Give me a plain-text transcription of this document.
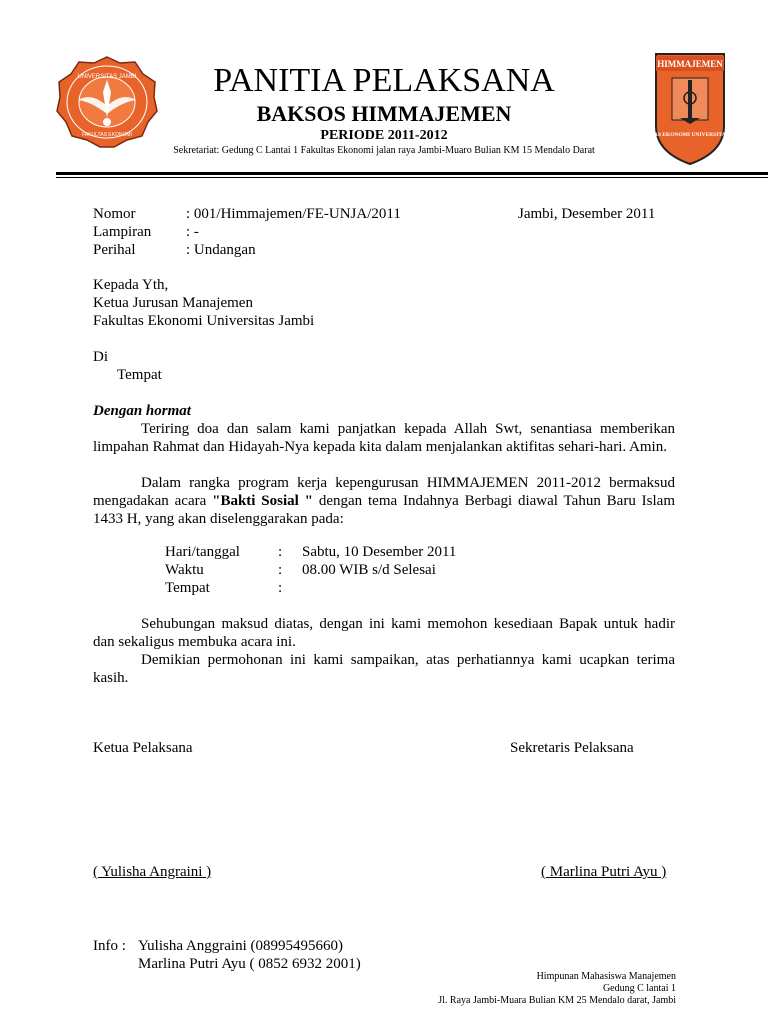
UNIVERSITAS JAMBI
FAKULTAS EKONOMI
HIMMAJEMEN
FAKULTAS EKONOMI UNIVERSITAS JAMBI
PANITIA PELAKSANA
BAKSOS HIMMAJEMEN
PERIODE 2011-2012
Sekretariat: Gedung C Lantai 1 Fakultas Ekonomi jalan raya Jambi-Muaro Bulian KM 15 Mendalo Darat
Nomor	: 001/Himmajemen/FE-UNJA/2011	Jambi, Desember 2011
Lampiran : -
Perihal	: Undangan
Kepada Yth,
Ketua Jurusan Manajemen
Fakultas Ekonomi Universitas Jambi
Di
Tempat
Dengan hormat
Teriring doa dan salam kami panjatkan kepada Allah Swt, senantiasa memberikan limpahan Rahmat dan Hidayah-Nya kepada kita dalam menjalankan aktifitas sehari-hari. Amin.
Dalam rangka program kerja kepengurusan HIMMAJEMEN 2011-2012 bermaksud mengadakan acara "Bakti Sosial " dengan tema Indahnya Berbagi diawal Tahun Baru Islam 1433 H, yang akan diselenggarakan pada:
Hari/tanggal	: Sabtu, 10 Desember 2011
Waktu	: 08.00 WIB s/d Selesai
Tempat	:
Sehubungan maksud diatas, dengan ini kami memohon kesediaan Bapak untuk hadir dan sekaligus membuka acara ini.
Demikian permohonan ini kami sampaikan, atas perhatiannya kami ucapkan terima kasih.
Ketua Pelaksana	Sekretaris Pelaksana
( Yulisha Angraini )	( Marlina Putri Ayu )
Info : Yulisha Anggraini (08995495660)
Marlina Putri Ayu ( 0852 6932 2001)
Himpunan Mahasiswa Manajemen
Gedung C lantai 1
Jl. Raya Jambi-Muara Bulian KM 25 Mendalo darat, Jambi
